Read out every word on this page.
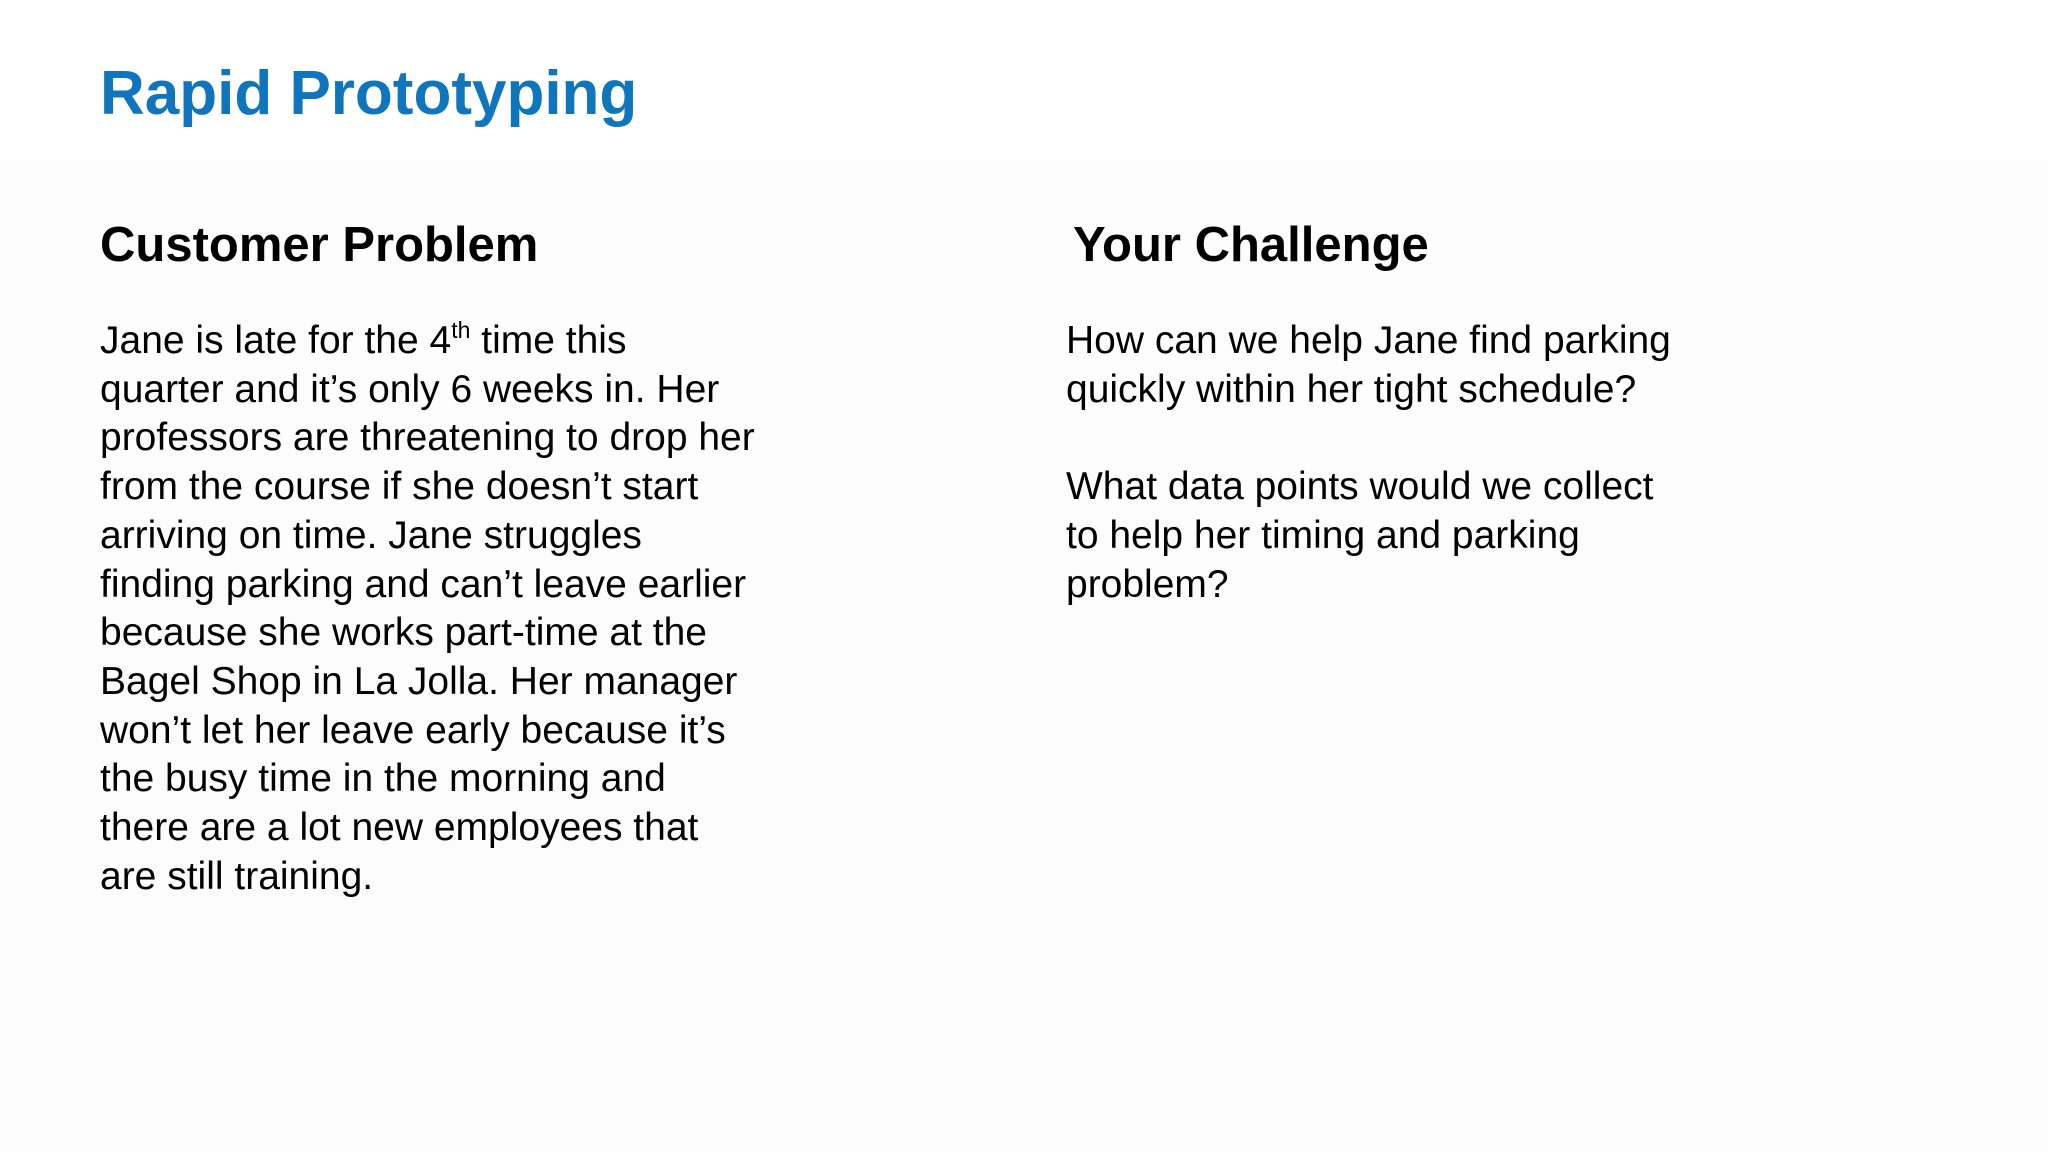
Rapid Prototyping
Customer Problem
Jane is late for the 4th time this
quarter and it’s only 6 weeks in. Her
professors are threatening to drop her
from the course if she doesn’t start
arriving on time. Jane struggles
finding parking and can’t leave earlier
because she works part-time at the
Bagel Shop in La Jolla. Her manager
won’t let her leave early because it’s
the busy time in the morning and
there are a lot new employees that
are still training.
Your Challenge
How can we help Jane find parking
quickly within her tight schedule?
What data points would we collect
to help her timing and parking
problem?
